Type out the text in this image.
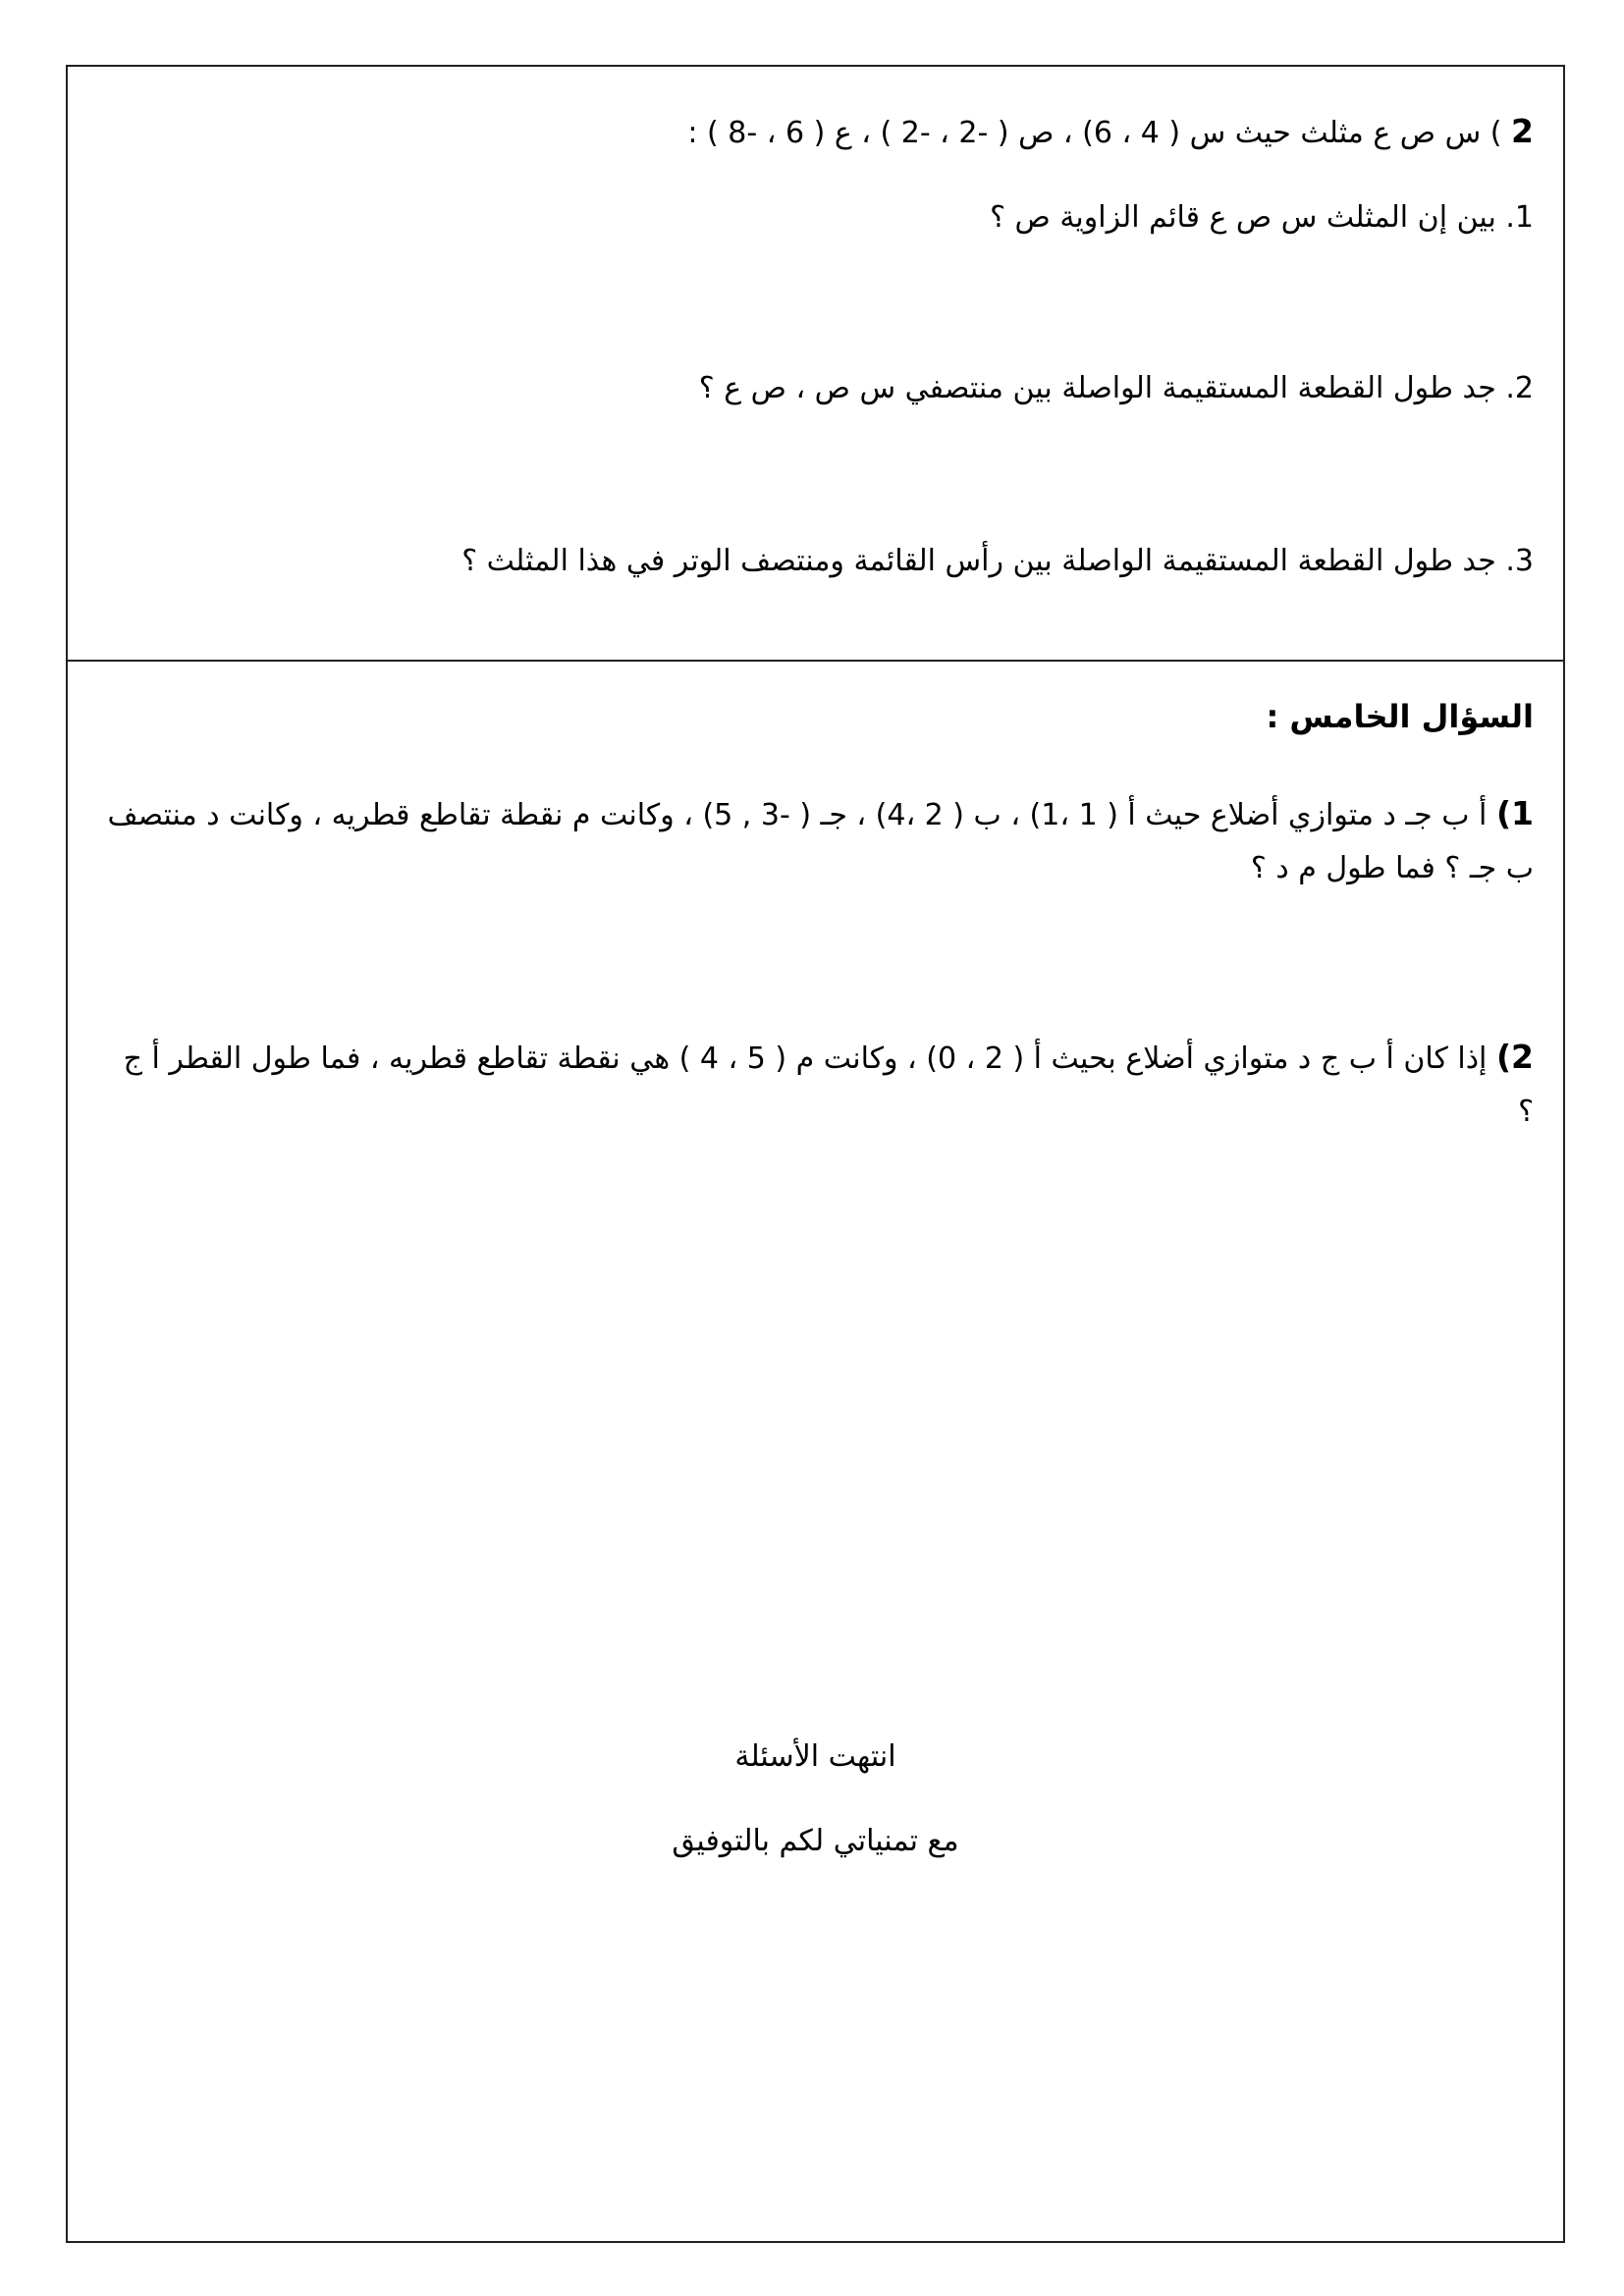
2 ) س ص ع مثلث حيث س ( 4 ، 6) ، ص ( -2 ، -2 ) ، ع ( 6 ، -8 ) :
1. بين إن المثلث س ص ع قائم الزاوية ص ؟
2. جد طول القطعة المستقيمة الواصلة بين منتصفي س ص ، ص ع ؟
3. جد طول القطعة المستقيمة الواصلة بين رأس القائمة ومنتصف الوتر في هذا المثلث ؟
السؤال الخامس :
1) أ ب جـ د متوازي أضلاع حيث أ ( 1 ،1) ، ب ( 2 ،4) ، جـ ( -3 , 5) ، وكانت م نقطة تقاطع قطريه ، وكانت د منتصف ب جـ ؟ فما طول م د ؟
2) إذا كان أ ب ج د متوازي أضلاع بحيث أ ( 2 ، 0) ، وكانت م ( 5 ، 4 ) هي نقطة تقاطع قطريه ، فما طول القطر أ ج ؟
انتهت الأسئلة
مع تمنياتي لكم بالتوفيق
